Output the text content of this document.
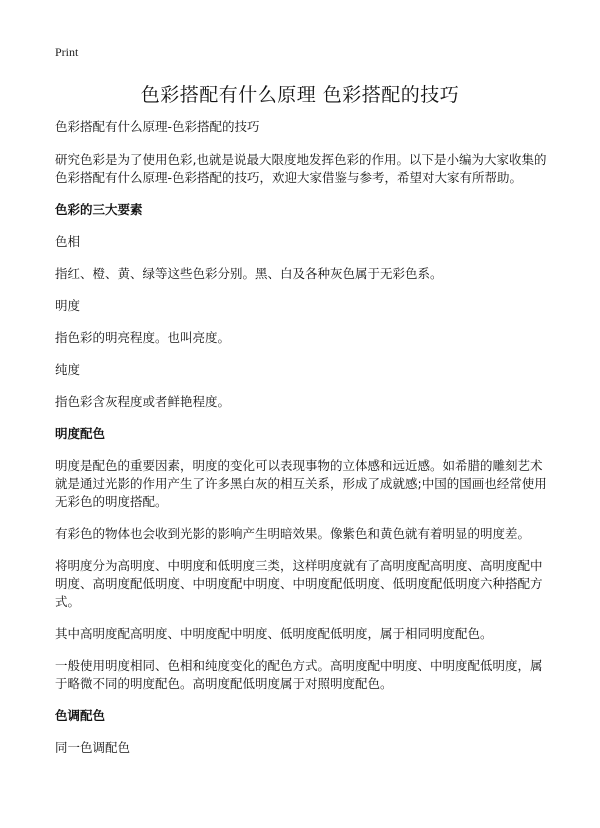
Print
色彩搭配有什么原理 色彩搭配的技巧

色彩搭配有什么原理-色彩搭配的技巧

研究色彩是为了使用色彩,也就是说最大限度地发挥色彩的作用。以下是小编为大家收集的色彩搭配有什么原理-色彩搭配的技巧，欢迎大家借鉴与参考，希望对大家有所帮助。

色彩的三大要素

色相

指红、橙、黄、绿等这些色彩分别。黑、白及各种灰色属于无彩色系。

明度

指色彩的明亮程度。也叫亮度。

纯度

指色彩含灰程度或者鲜艳程度。

明度配色

明度是配色的重要因素，明度的变化可以表现事物的立体感和远近感。如希腊的雕刻艺术就是通过光影的作用产生了许多黑白灰的相互关系，形成了成就感;中国的国画也经常使用无彩色的明度搭配。

有彩色的物体也会收到光影的影响产生明暗效果。像紫色和黄色就有着明显的明度差。

将明度分为高明度、中明度和低明度三类，这样明度就有了高明度配高明度、高明度配中明度、高明度配低明度、中明度配中明度、中明度配低明度、低明度配低明度六种搭配方式。

其中高明度配高明度、中明度配中明度、低明度配低明度，属于相同明度配色。

一般使用明度相同、色相和纯度变化的配色方式。高明度配中明度、中明度配低明度，属于略微不同的明度配色。高明度配低明度属于对照明度配色。

色调配色

同一色调配色
